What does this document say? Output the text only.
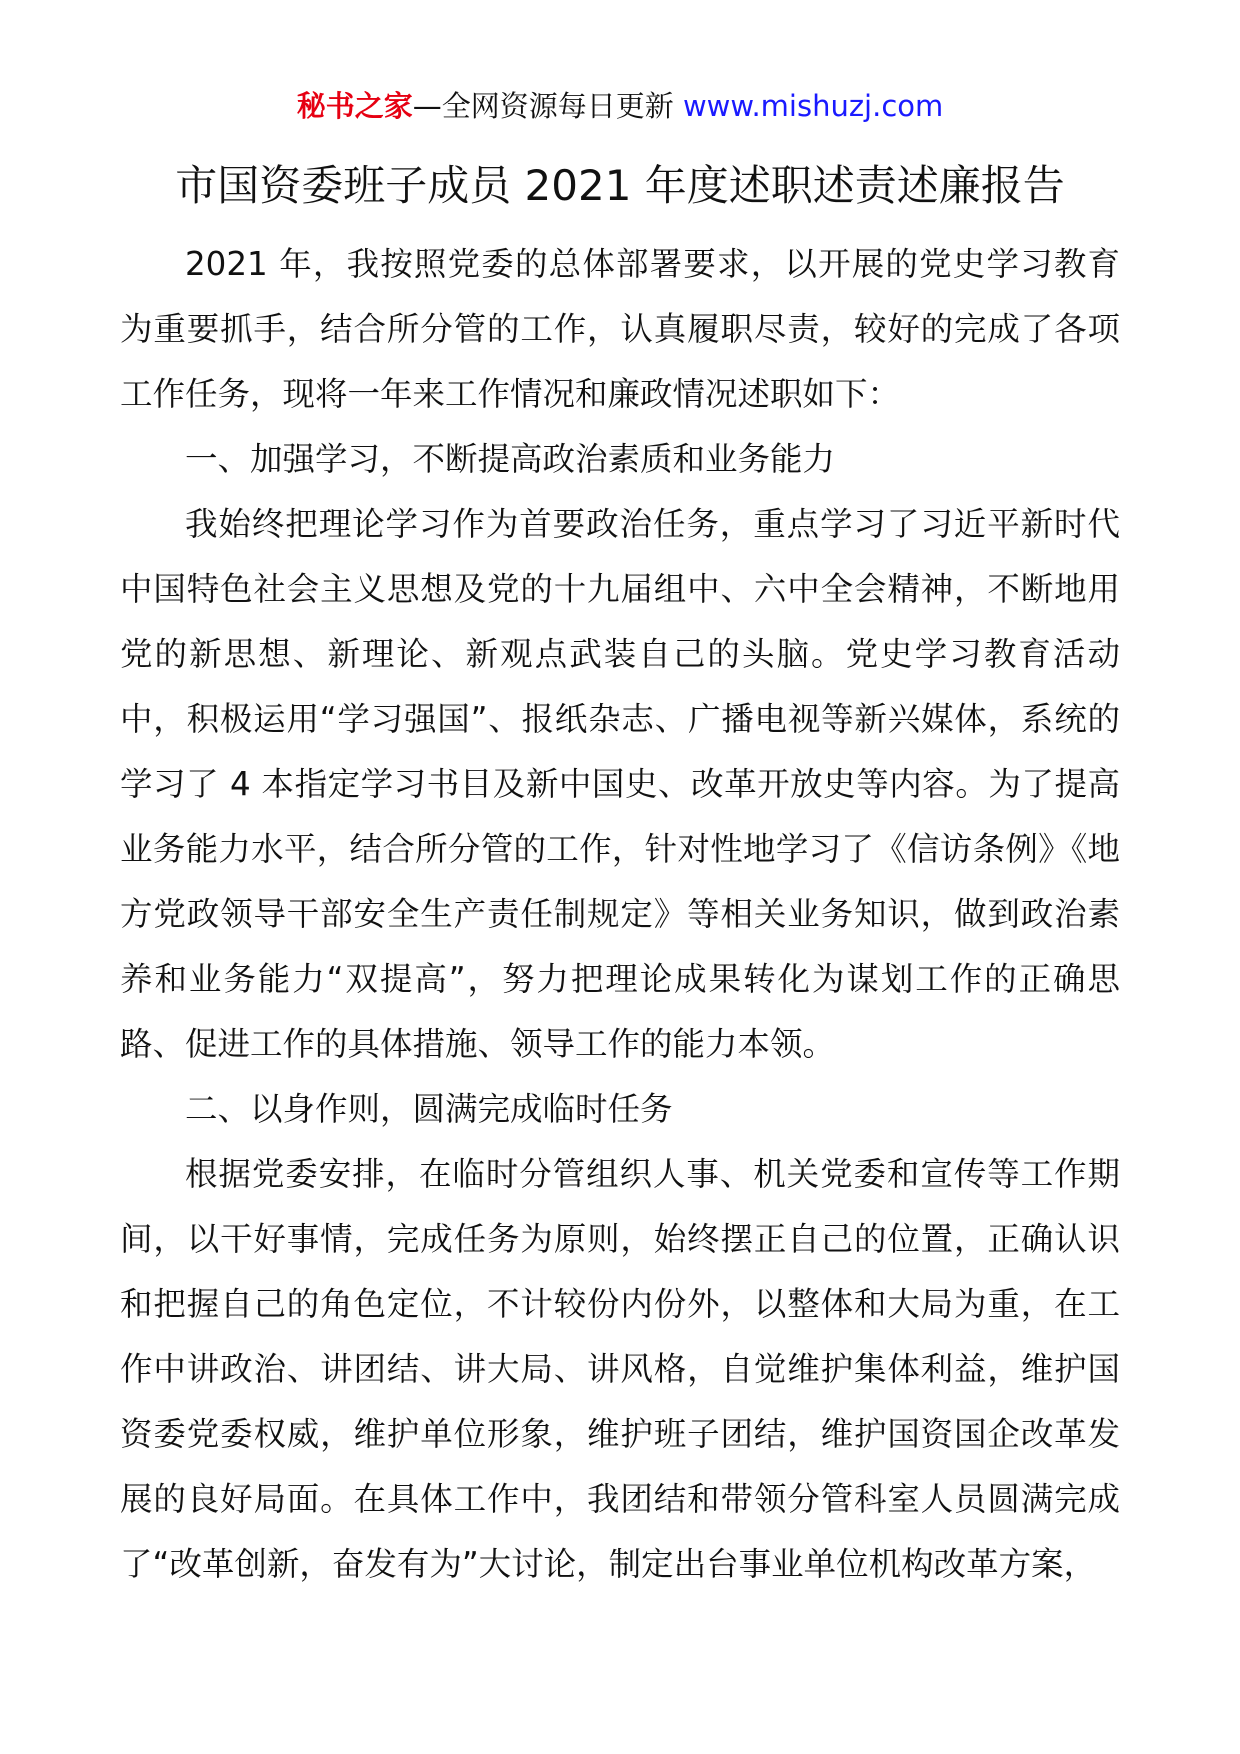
秘书之家—全网资源每日更新 www.mishuzj.com
市国资委班子成员 2021 年度述职述责述廉报告

2021 年，我按照党委的总体部署要求，以开展的党史学习教育为重要抓手，结合所分管的工作，认真履职尽责，较好的完成了各项工作任务，现将一年来工作情况和廉政情况述职如下：

一、加强学习，不断提高政治素质和业务能力

我始终把理论学习作为首要政治任务，重点学习了习近平新时代中国特色社会主义思想及党的十九届组中、六中全会精神，不断地用党的新思想、新理论、新观点武装自己的头脑。党史学习教育活动中，积极运用“学习强国”、报纸杂志、广播电视等新兴媒体，系统的学习了 4 本指定学习书目及新中国史、改革开放史等内容。为了提高业务能力水平，结合所分管的工作，针对性地学习了《信访条例》《地方党政领导干部安全生产责任制规定》等相关业务知识，做到政治素养和业务能力“双提高”，努力把理论成果转化为谋划工作的正确思路、促进工作的具体措施、领导工作的能力本领。

二、以身作则，圆满完成临时任务

根据党委安排，在临时分管组织人事、机关党委和宣传等工作期间，以干好事情，完成任务为原则，始终摆正自己的位置，正确认识和把握自己的角色定位，不计较份内份外，以整体和大局为重，在工作中讲政治、讲团结、讲大局、讲风格，自觉维护集体利益，维护国资委党委权威，维护单位形象，维护班子团结，维护国资国企改革发展的良好局面。在具体工作中，我团结和带领分管科室人员圆满完成了“改革创新，奋发有为”大讨论，制定出台事业单位机构改革方案，
